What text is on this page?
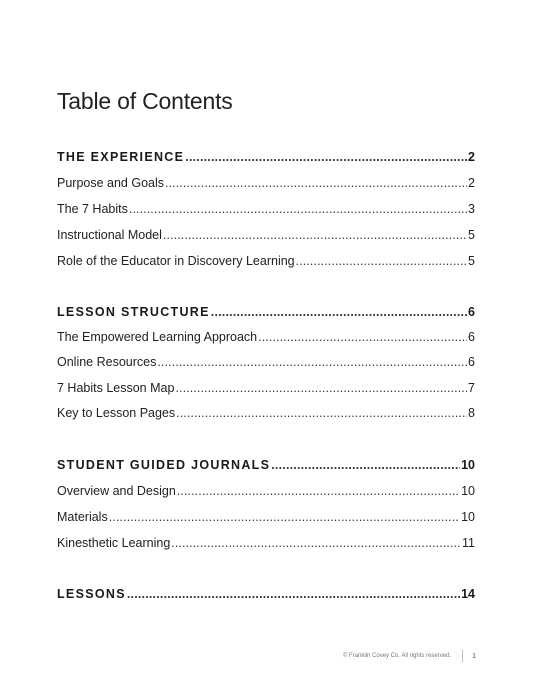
Table of Contents
THE EXPERIENCE .....	2
Purpose and Goals .....	2
The 7 Habits .....	3
Instructional Model .....	5
Role of the Educator in Discovery Learning .....	5
LESSON STRUCTURE .....	6
The Empowered Learning Approach .....	6
Online Resources .....	6
7 Habits Lesson Map .....	7
Key to Lesson Pages .....	8
STUDENT GUIDED JOURNALS .....	10
Overview and Design .....	10
Materials .....	10
Kinesthetic Learning .....	11
LESSONS .....	14
© Franklin Covey Co. All rights reserved.	1
